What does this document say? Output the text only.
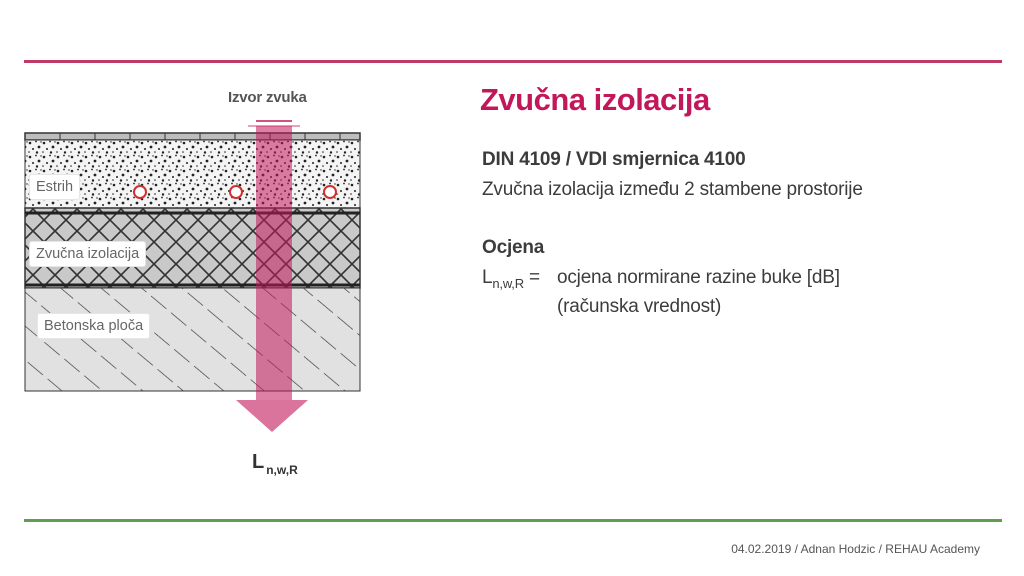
Izvor zvuka
Estrih
Zvučna izolacija
Betonska ploča
L $_{n,w,R}$
Zvučna izolacija
DIN 4109 / VDI smjernica 4100
Zvučna izolacija između 2 stambene prostorije
Ocjena
$L_{n,w,R}$ = ocjena normirane razine buke [dB]
(računska vrednost)
04.02.2019 / Adnan Hodzic / REHAU Academy
